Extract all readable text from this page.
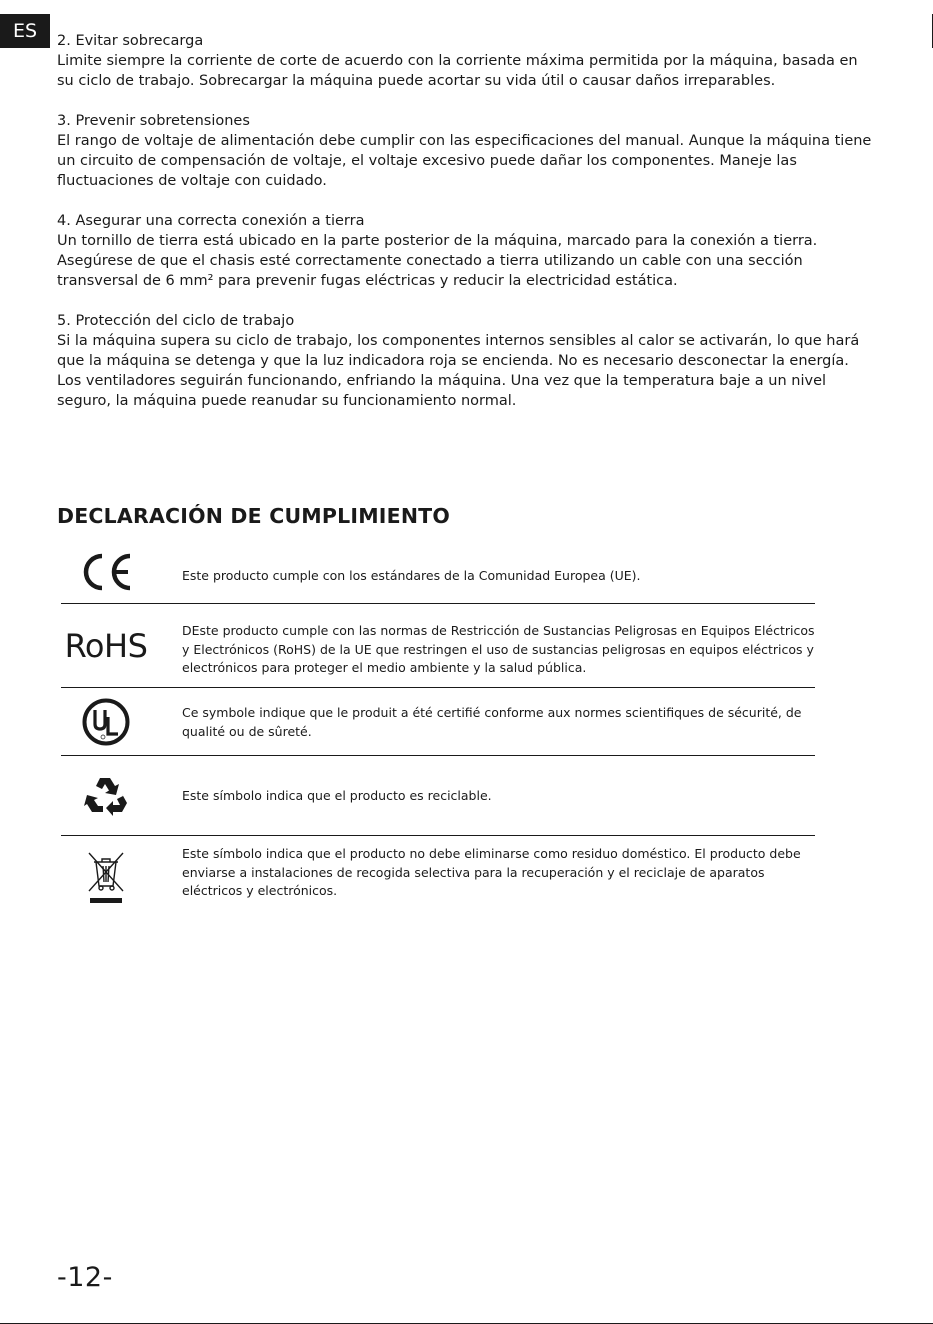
ES 2. Evitar sobrecarga

Limite siempre la corriente de corte de acuerdo con la corriente máxima permitida por la máquina, basada en su ciclo de trabajo. Sobrecargar la máquina puede acortar su vida útil o causar daños irreparables.

3. Prevenir sobretensiones

El rango de voltaje de alimentación debe cumplir con las especificaciones del manual. Aunque la máquina tiene un circuito de compensación de voltaje, el voltaje excesivo puede dañar los componentes. Maneje las fluctuaciones de voltaje con cuidado.

4. Asegurar una correcta conexión a tierra

Un tornillo de tierra está ubicado en la parte posterior de la máquina, marcado para la conexión a tierra. Asegúrese de que el chasis esté correctamente conectado a tierra utilizando un cable con una sección transversal de 6 mm² para prevenir fugas eléctricas y reducir la electricidad estática.

5. Protección del ciclo de trabajo

Si la máquina supera su ciclo de trabajo, los componentes internos sensibles al calor se activarán, lo que hará que la máquina se detenga y que la luz indicadora roja se encienda. No es necesario desconectar la energía. Los ventiladores seguirán funcionando, enfriando la máquina. Una vez que la temperatura baje a un nivel seguro, la máquina puede reanudar su funcionamiento normal.

DECLARACIÓN DE CUMPLIMIENTO
Este producto cumple con los estándares de la Comunidad Europea (UE).
RoHS	DEste producto cumple con las normas de Restricción de Sustancias Peligrosas en Equipos Eléctricos y Electrónicos (RoHS) de la UE que restringen el uso de sustancias peligrosas en equipos eléctricos y electrónicos para proteger el medio ambiente y la salud pública.
Ce symbole indique que le produit a été certifié conforme aux normes scientifiques de sécurité, de qualité ou de sûreté.
Este símbolo indica que el producto es reciclable.
Este símbolo indica que el producto no debe eliminarse como residuo doméstico. El producto debe enviarse a instalaciones de recogida selectiva para la recuperación y el reciclaje de aparatos eléctricos y electrónicos.
-12-
